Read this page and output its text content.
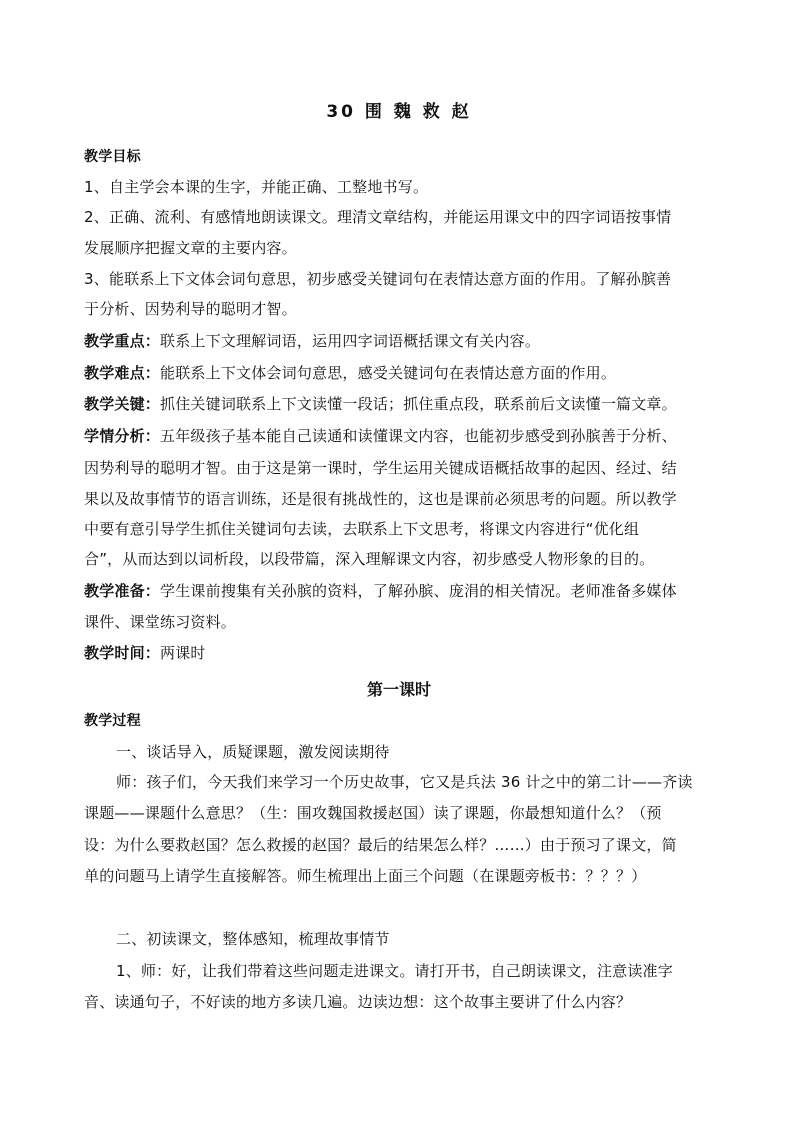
30 围 魏 救 赵
教学目标
1、自主学会本课的生字，并能正确、工整地书写。
2、正确、流利、有感情地朗读课文。理清文章结构，并能运用课文中的四字词语按事情
发展顺序把握文章的主要内容。
3、能联系上下文体会词句意思，初步感受关键词句在表情达意方面的作用。了解孙膑善
于分析、因势利导的聪明才智。
教学重点：联系上下文理解词语，运用四字词语概括课文有关内容。
教学难点：能联系上下文体会词句意思，感受关键词句在表情达意方面的作用。
教学关键：抓住关键词联系上下文读懂一段话；抓住重点段，联系前后文读懂一篇文章。
学情分析：五年级孩子基本能自己读通和读懂课文内容，也能初步感受到孙膑善于分析、
因势利导的聪明才智。由于这是第一课时，学生运用关键成语概括故事的起因、经过、结
果以及故事情节的语言训练，还是很有挑战性的，这也是课前必须思考的问题。所以教学
中要有意引导学生抓住关键词句去读，去联系上下文思考，将课文内容进行“优化组
合”，从而达到以词析段，以段带篇，深入理解课文内容，初步感受人物形象的目的。
教学准备：学生课前搜集有关孙膑的资料，了解孙膑、庞涓的相关情况。老师准备多媒体
课件、课堂练习资料。
教学时间：两课时
第一课时
教学过程
一、谈话导入，质疑课题，激发阅读期待
师：孩子们，今天我们来学习一个历史故事，它又是兵法 36 计之中的第二计——齐读
课题——课题什么意思？（生：围攻魏国救援赵国）读了课题，你最想知道什么？（预
设：为什么要救赵国？怎么救援的赵国？最后的结果怎么样？……）由于预习了课文，简
单的问题马上请学生直接解答。师生梳理出上面三个问题（在课题旁板书：？？？）
二、初读课文，整体感知，梳理故事情节
1、师：好，让我们带着这些问题走进课文。请打开书，自己朗读课文，注意读准字
音、读通句子，不好读的地方多读几遍。边读边想：这个故事主要讲了什么内容？
